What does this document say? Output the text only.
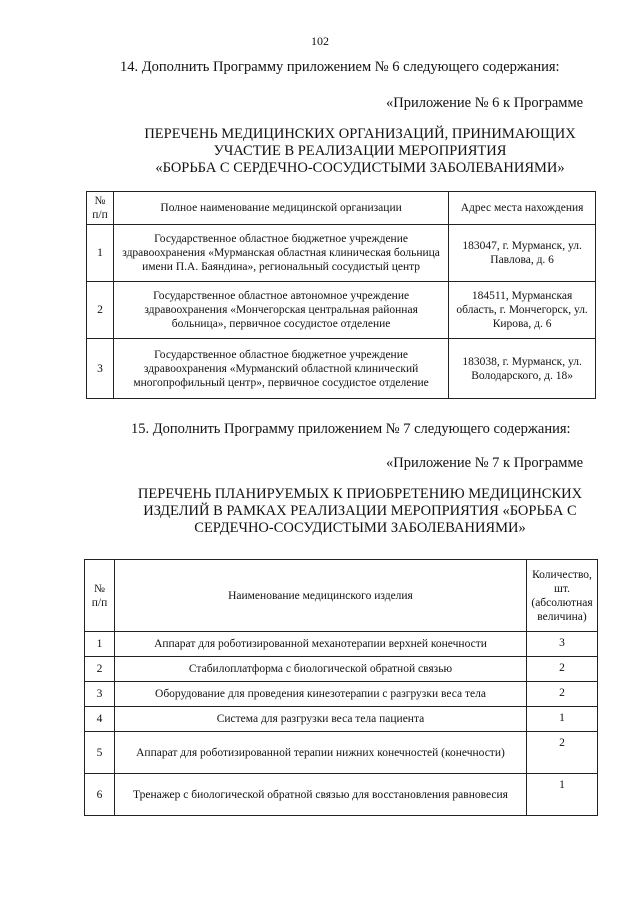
102
14. Дополнить Программу приложением № 6 следующего содержания:
«Приложение № 6 к Программе
ПЕРЕЧЕНЬ МЕДИЦИНСКИХ ОРГАНИЗАЦИЙ, ПРИНИМАЮЩИХ
УЧАСТИЕ В РЕАЛИЗАЦИИ МЕРОПРИЯТИЯ
«БОРЬБА С СЕРДЕЧНО-СОСУДИСТЫМИ ЗАБОЛЕВАНИЯМИ»
№ п/п	Полное наименование медицинской организации	Адрес места нахождения
1	Государственное областное бюджетное учреждение здравоохранения «Мурманская областная клиническая больница имени П.А. Баяндина», региональный сосудистый центр	183047, г. Мурманск, ул. Павлова, д. 6
2	Государственное областное автономное учреждение здравоохранения «Мончегорская центральная районная больница», первичное сосудистое отделение	184511, Мурманская область, г. Мончегорск, ул. Кирова, д. 6
3	Государственное областное бюджетное учреждение здравоохранения «Мурманский областной клинический многопрофильный центр», первичное сосудистое отделение	183038, г. Мурманск, ул. Володарского, д. 18»
15. Дополнить Программу приложением № 7 следующего содержания:
«Приложение № 7 к Программе
ПЕРЕЧЕНЬ ПЛАНИРУЕМЫХ К ПРИОБРЕТЕНИЮ МЕДИЦИНСКИХ
ИЗДЕЛИЙ В РАМКАХ РЕАЛИЗАЦИИ МЕРОПРИЯТИЯ «БОРЬБА С
СЕРДЕЧНО-СОСУДИСТЫМИ ЗАБОЛЕВАНИЯМИ»
№ п/п	Наименование медицинского изделия	Количество, шт. (абсолютная величина)
1	Аппарат для роботизированной механотерапии верхней конечности	3
2	Стабилоплатформа с биологической обратной связью	2
3	Оборудование для проведения кинезотерапии с разгрузки веса тела	2
4	Система для разгрузки веса тела пациента	1
5	Аппарат для роботизированной терапии нижних конечностей (конечности)	2
6	Тренажер с биологической обратной связью для восстановления равновесия	1
